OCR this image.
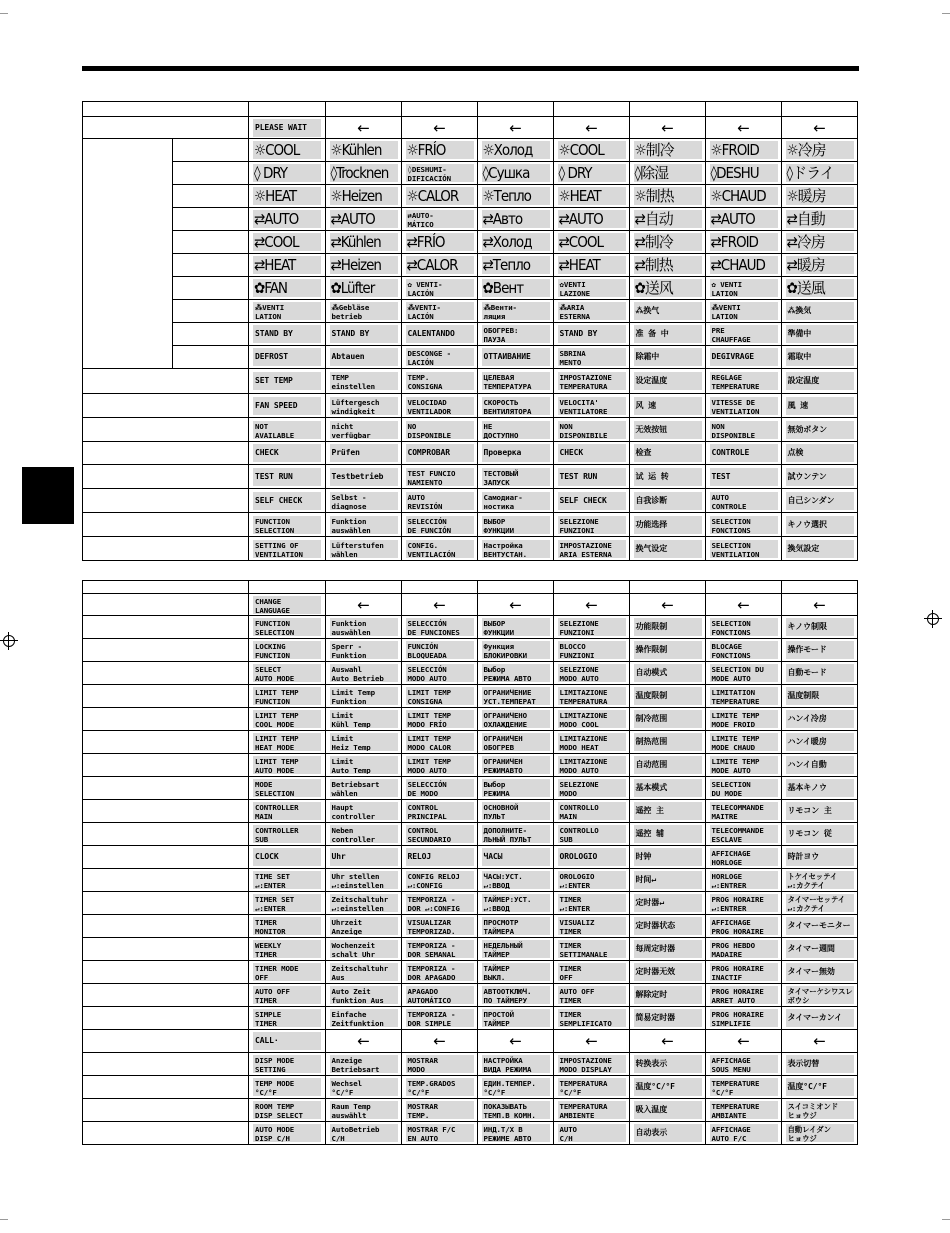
		PLEASE WAIT	←	←	←	←	←	←	←

		☼COOL	☼Kühlen	☼FRÍO	☼Холод	☼COOL	☼制冷	☼FROID	☼冷房

		◊ DRY	◊Trocknen	◊DESHUMI-
DIFICACIÓN	◊Сушка	◊ DRY	◊除湿	◊DESHU	◊ドライ

		☼HEAT	☼Heizen	☼CALOR	☼Тепло	☼HEAT	☼制热	☼CHAUD	☼暖房

		⇄AUTO	⇄AUTO	⇄AUTO-
MÁTICO	⇄Авто	⇄AUTO	⇄自动	⇄AUTO	⇄自動

		⇄COOL	⇄Kühlen	⇄FRÍO	⇄Холод	⇄COOL	⇄制冷	⇄FROID	⇄冷房

		⇄HEAT	⇄Heizen	⇄CALOR	⇄Тепло	⇄HEAT	⇄制热	⇄CHAUD	⇄暖房

		✿FAN	✿Lüfter	✿ VENTI-
LACIÓN	✿Вент	✿VENTI
LAZIONE	✿送风	✿ VENTI
LATION	✿送風

		⁂VENTI
LATION	⁂Gebläse
betrieb	⁂VENTI-
LACIÓN	⁂Венти-
ляция	⁂ARIA
ESTERNA	⁂换气	⁂VENTI
LATION	⁂換気

		STAND BY	STAND BY	CALENTANDO	ОБОГРЕВ:
ПАУЗА	STAND BY	准 备 中	PRE
CHAUFFAGE	準備中

		DEFROST	Abtauen	DESCONGE -
LACIÓN	ОТТАИВАНИЕ	SBRINA
MENTO	除霜中	DEGIVRAGE	霜取中

		SET TEMP	TEMP
einstellen	TEMP.
CONSIGNA	ЦЕЛЕВАЯ
ТЕМПЕРАТУРА	IMPOSTAZIONE
TEMPERATURA	设定温度	REGLAGE
TEMPERATURE	設定温度

		FAN SPEED	Lüftergesch
windigkeit	VELOCIDAD
VENTILADOR	СКОРОСТЬ
ВЕНТИЛЯТОРА	VELOCITA'
VENTILATORE	风 速	VITESSE DE
VENTILATION	風 速

		NOT
AVAILABLE	nicht
verfügbar	NO
DISPONIBLE	НЕ
ДОСТУПНО	NON
DISPONIBILE	无效按钮	NON
DISPONIBLE	無効ボタン

		CHECK	Prüfen	COMPROBAR	Проверка	CHECK	检查	CONTROLE	点検

		TEST RUN	Testbetrieb	TEST FUNCIO
NAMIENTO	ТЕСТОВЫЙ
ЗАПУСК	TEST RUN	试 运 转	TEST	試ウンテン

		SELF CHECK	Selbst -
diagnose	AUTO
REVISIÓN	Самодиаг-
ностика	SELF CHECK	自我诊断	AUTO
CONTROLE	自己シンダン

		FUNCTION
SELECTION	Funktion
auswählen	SELECCIÓN
DE FUNCIÓN	ВЫБОР
ФУНКЦИИ	SELEZIONE
FUNZIONI	功能选择	SELECTION
FONCTIONS	キノウ選択

		SETTING OF
VENTILATION	Lüfterstufen
wählen	CONFIG.
VENTILACIÓN	Настройка
ВЕНТУСТАН.	IMPOSTAZIONE
ARIA ESTERNA	换气设定	SELECTION
VENTILATION	換気設定

	CHANGE
LANGUAGE	←	←	←	←	←	←	←

	FUNCTION
SELECTION	Funktion
auswählen	SELECCIÓN
DE FUNCIONES	ВЫБОР
ФУНКЦИИ	SELEZIONE
FUNZIONI	功能限制	SELECTION
FONCTIONS	キノウ制限

	LOCKING
FUNCTION	Sperr -
Funktion	FUNCIÓN
BLOQUEADA	Функция
БЛОКИРОВКИ	BLOCCO
FUNZIONI	操作限制	BLOCAGE
FONCTIONS	操作モード

	SELECT
AUTO MODE	Auswahl
Auto Betrieb	SELECCIÓN
MODO AUTO	Выбор
РЕЖИМА АВТО	SELEZIONE
MODO AUTO	自动模式	SELECTION DU
MODE AUTO	自動モード

	LIMIT TEMP
FUNCTION	Limit Temp
Funktion	LIMIT TEMP
CONSIGNA	ОГРАНИЧЕНИЕ
УСТ.ТЕМПЕРАТ	LIMITAZIONE
TEMPERATURA	温度限制	LIMITATION
TEMPERATURE	温度制限

	LIMIT TEMP
COOL MODE	Limit
Kühl Temp	LIMIT TEMP
MODO FRÍO	ОГРАНИЧЕНО
ОХЛАЖДЕНИЕ	LIMITAZIONE
MODO COOL	制冷范围	LIMITE TEMP
MODE FROID	ハンイ冷房

	LIMIT TEMP
HEAT MODE	Limit
Heiz Temp	LIMIT TEMP
MODO CALOR	ОГРАНИЧЕН
ОБОГРЕВ	LIMITAZIONE
MODO HEAT	制热范围	LIMITE TEMP
MODE CHAUD	ハンイ暖房

	LIMIT TEMP
AUTO MODE	Limit
Auto Temp	LIMIT TEMP
MODO AUTO	ОГРАНИЧЕН
РЕЖИМАВТО	LIMITAZIONE
MODO AUTO	自动范围	LIMITE TEMP
MODE AUTO	ハンイ自動

	MODE
SELECTION	Betriebsart
wählen	SELECCIÓN
DE MODO	Выбор
РЕЖИМА	SELEZIONE
MODO	基本模式	SELECTION
DU MODE	基本キノウ

	CONTROLLER
MAIN	Haupt
controller	CONTROL
PRINCIPAL	ОСНОВНОЙ
ПУЛЬТ	CONTROLLO
MAIN	遥控 主	TELECOMMANDE
MAITRE	リモコン 主

	CONTROLLER
SUB	Neben
controller	CONTROL
SECUNDARIO	ДОПОЛНИТЕ-
ЛЬНЫЙ ПУЛЬТ	CONTROLLO
SUB	遥控 辅	TELECOMMANDE
ESCLAVE	リモコン 従

	CLOCK	Uhr	RELOJ	ЧАСЫ	OROLOGIO	时钟	AFFICHAGE
HORLOGE	時計ヨウ

	TIME SET
↵:ENTER	Uhr stellen
↵:einstellen	CONFIG RELOJ
↵:CONFIG	ЧАСЫ:УСТ.
↵:ВВОД	OROLOGIO
↵:ENTER	时间↵	HORLOGE
↵:ENTRER	トケイセッテイ
↵:カクテイ

	TIMER SET
↵:ENTER	Zeitschaltuhr
↵:einstellen	TEMPORIZA -
DOR ↵:CONFIG	ТАЙМЕР:УСТ.
↵:ВВОД	TIMER
↵:ENTER	定时器↵	PROG HORAIRE
↵:ENTRER	タイマーセッテイ
↵:カクテイ

	TIMER
MONITOR	Uhrzeit
Anzeige	VISUALIZAR
TEMPORIZAD.	ПРОСМОТР
ТАЙМЕРА	VISUALIZ
TIMER	定时器状态	AFFICHAGE
PROG HORAIRE	タイマーモニター

	WEEKLY
TIMER	Wochenzeit
schalt Uhr	TEMPORIZA -
DOR SEMANAL	НЕДЕЛЬНЫЙ
ТАЙМЕР	TIMER
SETTIMANALE	每周定时器	PROG HEBDO
MADAIRE	タイマー週間

	TIMER MODE
OFF	Zeitschaltuhr
Aus	TEMPORIZA -
DOR APAGADO	ТАЙМЕР
ВЫКЛ.	TIMER
OFF	定时器无效	PROG HORAIRE
INACTIF	タイマー無効

	AUTO OFF
TIMER	Auto Zeit
funktion Aus	APAGADO
AUTOMÁTICO	АВТООТКЛЮЧ.
ПО ТАЙМЕРУ	AUTO OFF
TIMER	解除定时	PROG HORAIRE
ARRET AUTO	タイマーケシワスレ
ボウシ

	SIMPLE
TIMER	Einfache
Zeitfunktion	TEMPORIZA -
DOR SIMPLE	ПРОСТОЙ
ТАЙМЕР	TIMER
SEMPLIFICATO	简易定时器	PROG HORAIRE
SIMPLIFIE	タイマーカンイ

	CALL·	←	←	←	←	←	←	←

	DISP MODE
SETTING	Anzeige
Betriebsart	MOSTRAR
MODO	НАСТРОЙКА
ВИДА РЕЖИМА	IMPOSTAZIONE
MODO DISPLAY	转换表示	AFFICHAGE
SOUS MENU	表示切替

	TEMP MODE
°C/°F	Wechsel
°C/°F	TEMP.GRADOS
°C/°F	ЕДИН.ТЕМПЕР.
°C/°F	TEMPERATURA
°C/°F	温度°C/°F	TEMPERATURE
°C/°F	温度°C/°F

	ROOM TEMP
DISP SELECT	Raum Temp
auswählt	MOSTRAR
TEMP.	ПОКАЗЫВАТЬ
ТЕМП.В КОМН.	TEMPERATURA
AMBIENTE	吸入温度	TEMPERATURE
AMBIANTE	スイコミオンド
ヒョウジ

	AUTO MODE
DISP C/H	AutoBetrieb
C/H	MOSTRAR F/C
EN AUTO	ИНД.Т/Х В
РЕЖИМЕ АВТО	AUTO
C/H	自动表示	AFFICHAGE
AUTO F/C	自動レイダン
ヒョウジ
